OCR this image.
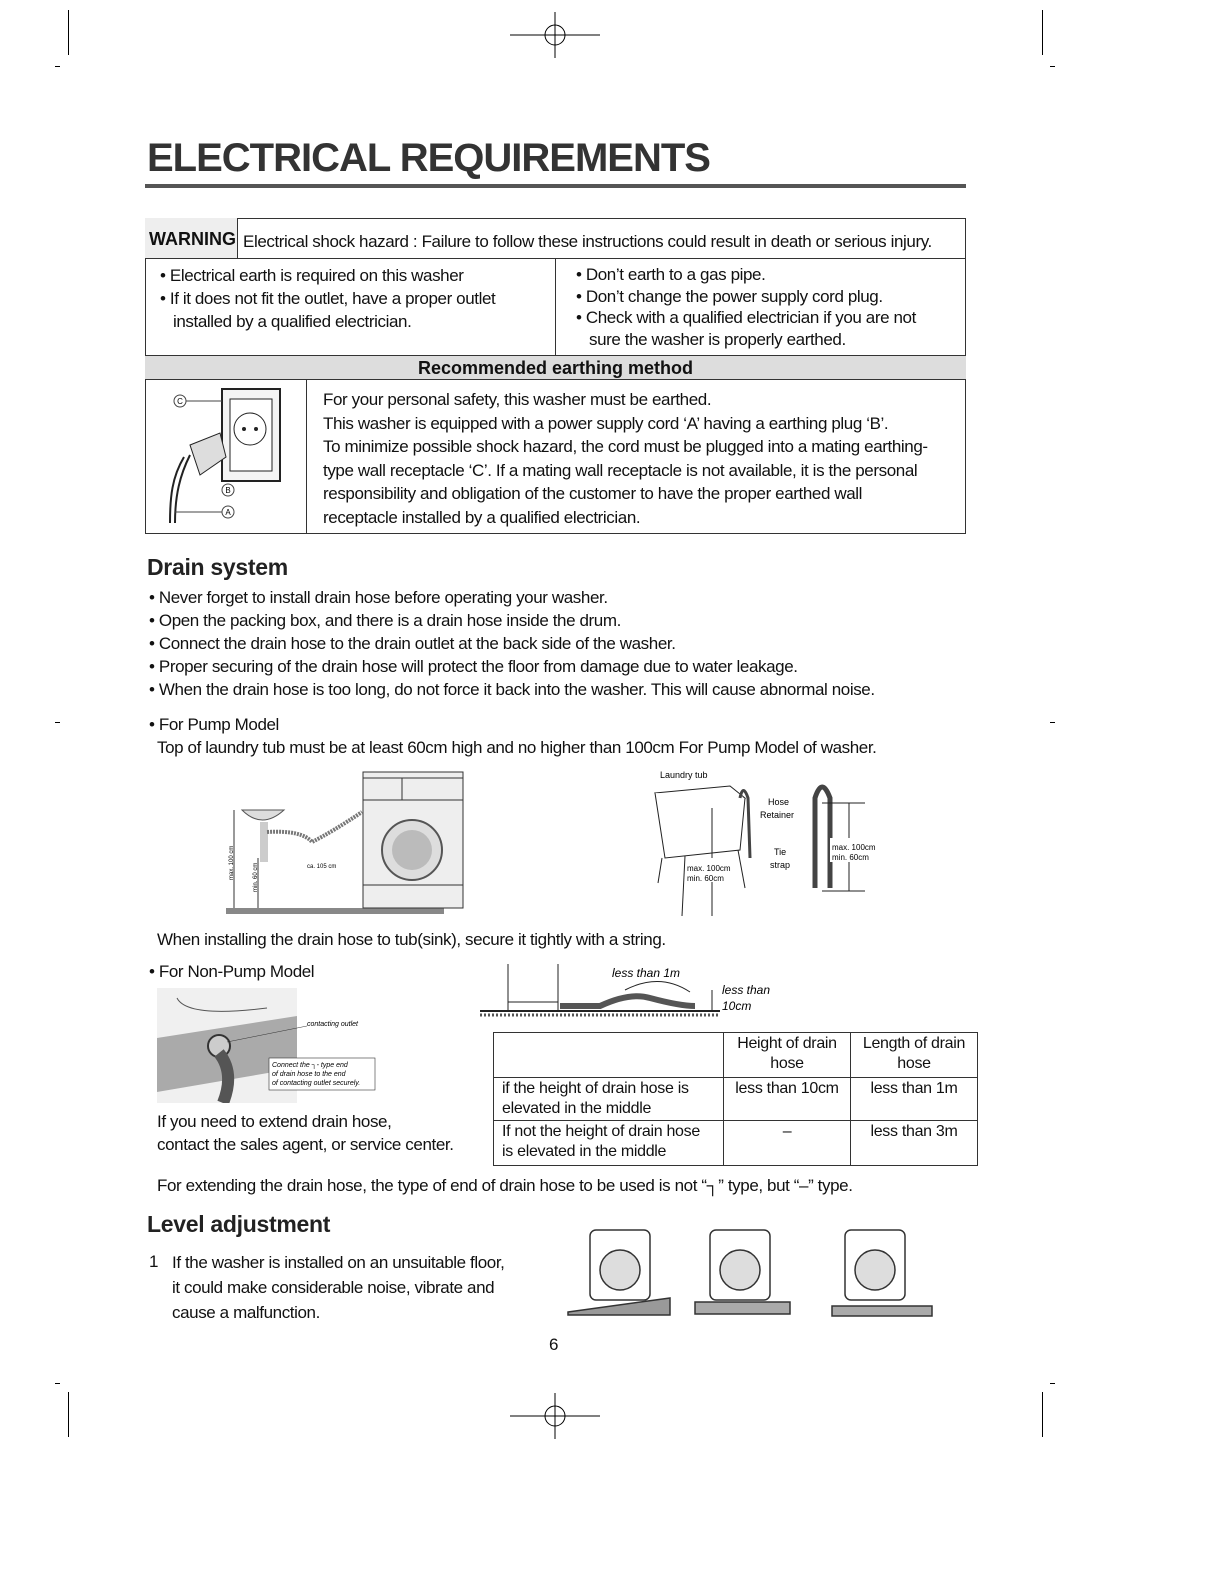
ELECTRICAL REQUIREMENTS
WARNING Electrical shock hazard : Failure to follow these instructions could result in death or serious injury.
• Electrical earth is required on this washer
• If it does not fit the outlet, have a proper outlet
installed by a qualified electrician.
• Don’t earth to a gas pipe.
• Don’t change the power supply cord plug.
• Check with a qualified electrician if you are not
sure the washer is properly earthed.
Recommended earthing method
C
B
A
For your personal safety, this washer must be earthed.
This washer is equipped with a power supply cord ‘A’ having a earthing plug ‘B’.
To minimize possible shock hazard, the cord must be plugged into a mating earthing-
type wall receptacle ‘C’. If a mating wall receptacle is not available, it is the personal
responsibility and obligation of the customer to have the proper earthed wall
receptacle installed by a qualified electrician.
Drain system
• Never forget to install drain hose before operating your washer.
• Open the packing box, and there is a drain hose inside the drum.
• Connect the drain hose to the drain outlet at the back side of the washer.
• Proper securing of the drain hose will protect the floor from damage due to water leakage.
• When the drain hose is too long, do not force it back into the washer. This will cause abnormal noise.
• For Pump Model
Top of laundry tub must be at least 60cm high and no higher than 100cm For Pump Model of washer.
max. 100 cm	min. 60 cm	ca. 105 cm
Laundry tub
Hose
Retainer
Tie
strap
max. 100cm
min. 60cm
max. 100cm
min. 60cm
When installing the drain hose to tub(sink), secure it tightly with a string.
• For Non-Pump Model
contacting outlet
Connect the ┐- type end
of drain hose to the end
of contacting outlet securely.
less than 1m
less than
10cm
	Height of drain hose	Length of drain hose
if the height of drain hose is elevated in the middle	less than 10cm	less than 1m
If not the height of drain hose is elevated in the middle	–	less than 3m
If you need to extend drain hose,
contact the sales agent, or service center.
For extending the drain hose, the type of end of drain hose to be used is not “┐” type, but “–” type.
Level adjustment
1 If the washer is installed on an unsuitable floor,
it could make considerable noise, vibrate and
cause a malfunction.
6
